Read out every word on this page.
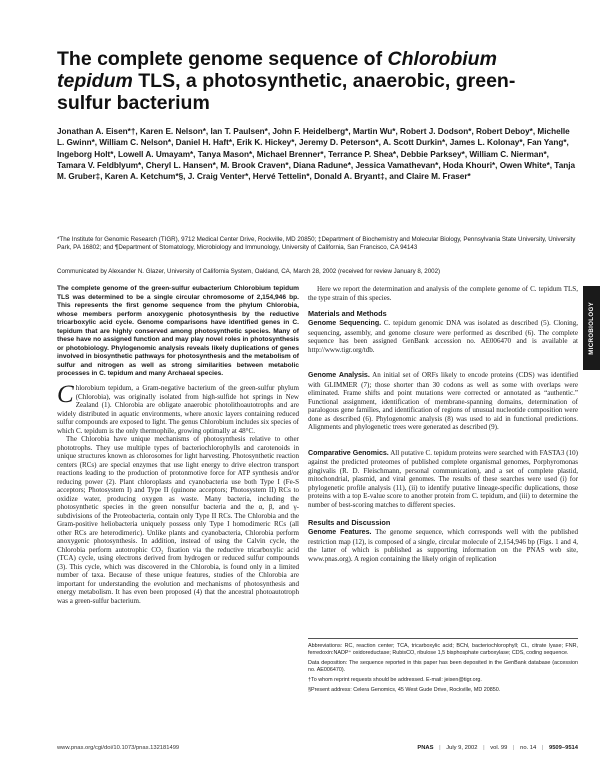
The complete genome sequence of Chlorobium tepidum TLS, a photosynthetic, anaerobic, green-sulfur bacterium
Jonathan A. Eisen*†, Karen E. Nelson*, Ian T. Paulsen*, John F. Heidelberg*, Martin Wu*, Robert J. Dodson*, Robert Deboy*, Michelle L. Gwinn*, William C. Nelson*, Daniel H. Haft*, Erik K. Hickey*, Jeremy D. Peterson*, A. Scott Durkin*, James L. Kolonay*, Fan Yang*, Ingeborg Holt*, Lowell A. Umayam*, Tanya Mason*, Michael Brenner*, Terrance P. Shea*, Debbie Parksey*, William C. Nierman*, Tamara V. Feldblyum*, Cheryl L. Hansen*, M. Brook Craven*, Diana Radune*, Jessica Vamathevan*, Hoda Khouri*, Owen White*, Tanja M. Gruber‡, Karen A. Ketchum*§, J. Craig Venter*, Hervé Tettelin*, Donald A. Bryant‡, and Claire M. Fraser*
*The Institute for Genomic Research (TIGR), 9712 Medical Center Drive, Rockville, MD 20850; ‡Department of Biochemistry and Molecular Biology, Pennsylvania State University, University Park, PA 16802; and ¶Department of Stomatology, Microbiology and Immunology, University of California, San Francisco, CA 94143
Communicated by Alexander N. Glazer, University of California System, Oakland, CA, March 28, 2002 (received for review January 8, 2002)
The complete genome of the green-sulfur eubacterium Chlorobium tepidum TLS was determined to be a single circular chromosome of 2,154,946 bp. This represents the first genome sequence from the phylum Chlorobia, whose members perform anoxygenic photosynthesis by the reductive tricarboxylic acid cycle. Genome comparisons have identified genes in C. tepidum that are highly conserved among photosynthetic species. Many of these have no assigned function and may play novel roles in photosynthesis or photobiology. Phylogenomic analysis reveals likely duplications of genes involved in biosynthetic pathways for photosynthesis and the metabolism of sulfur and nitrogen as well as strong similarities between metabolic processes in C. tepidum and many Archaeal species.

Chlorobium tepidum, a Gram-negative bacterium of the green-sulfur phylum (Chlorobia), was originally isolated from high-sulfide hot springs in New Zealand (1). Chlorobia are obligate anaerobic photolithoautotrophs and are widely distributed in aquatic environments, where anoxic layers containing reduced sulfur compounds are exposed to light. The genus Chlorobium includes six species of which C. tepidum is the only thermophile, growing optimally at 48°C.

The Chlorobia have unique mechanisms of photosynthesis relative to other phototrophs. They use multiple types of bacteriochlorophylls and carotenoids in unique structures known as chlorosomes for light harvesting. Photosynthetic reaction centers (RCs) are special enzymes that use light energy to drive electron transport reactions leading to the production of protonmotive force for ATP synthesis and/or reducing power (2). Plant chloroplasts and cyanobacteria use both Type I (Fe-S acceptors; Photosystem I) and Type II (quinone acceptors; Photosystem II) RCs to oxidize water, producing oxygen as waste. Many bacteria, including the photosynthetic species in the green nonsulfur bacteria and the α, β, and γ-subdivisions of the Proteobacteria, contain only Type II RCs. The Chlorobia and the Gram-positive heliobacteria uniquely possess only Type I homodimeric RCs (all other RCs are heterodimeric). Unlike plants and cyanobacteria, Chlorobia perform anoxygenic photosynthesis. In addition, instead of using the Calvin cycle, the Chlorobia perform autotrophic CO₂ fixation via the reductive tricarboxylic acid (TCA) cycle, using electrons derived from hydrogen or reduced sulfur compounds (3). This cycle, which was discovered in the Chlorobia, is found only in a limited number of taxa. Because of these unique features, studies of the Chlorobia are important for understanding the evolution and mechanisms of photosynthesis and energy metabolism. It has even been proposed (4) that the ancestral photoautotroph was a green-sulfur bacterium.

Here we report the determination and analysis of the complete genome of C. tepidum TLS, the type strain of this species.

Materials and Methods

Genome Sequencing. C. tepidum genomic DNA was isolated as described (5). Cloning, sequencing, assembly, and genome closure were performed as described (6). The complete sequence has been assigned GenBank accession no. AE006470 and is available at http://www.tigr.org/tdb.

Genome Analysis. An initial set of ORFs likely to encode proteins (CDS) was identified with GLIMMER (7); those shorter than 30 codons as well as some with overlaps were eliminated. Frame shifts and point mutations were corrected or annotated as “authentic.” Functional assignment, identification of membrane-spanning domains, determination of paralogous gene families, and identification of regions of unusual nucleotide composition were done as described (6). Phylogenomic analysis (8) was used to aid in functional predictions. Alignments and phylogenetic trees were generated as described (9).

Comparative Genomics. All putative C. tepidum proteins were searched with FASTA3 (10) against the predicted proteomes of published complete organismal genomes, Porphyromonas gingivalis (R. D. Fleischmann, personal communication), and a set of complete plastid, mitochondrial, plasmid, and viral genomes. The results of these searches were used (i) for phylogenetic profile analysis (11), (ii) to identify putative lineage-specific duplications, those proteins with a top E-value score to another protein from C. tepidum, and (iii) to determine the number of best-scoring matches to different species.

Results and Discussion

Genome Features. The genome sequence, which corresponds well with the published restriction map (12), is composed of a single, circular molecule of 2,154,946 bp (Figs. 1 and 4, the latter of which is published as supporting information on the PNAS web site, www.pnas.org). A region containing the likely origin of replication

Abbreviations: RC, reaction center; TCA, tricarboxylic acid; BChl, bacteriochlorophyll; CL, citrate lyase; FNR, ferredoxin:NADP⁺ oxidoreductase; RubisCO, ribulose 1,5 bisphosphate carboxylase; CDS, coding sequence.

Data deposition: The sequence reported in this paper has been deposited in the GenBank database (accession no. AE006470).

†To whom reprint requests should be addressed. E-mail: jeisen@tigr.org.

§Present address: Celera Genomics, 45 West Gude Drive, Rockville, MD 20850.

MICROBIOLOGY
www.pnas.org/cgi/doi/10.1073/pnas.132181499	PNAS | July 9, 2002 | vol. 99 | no. 14 | 9509–9514
